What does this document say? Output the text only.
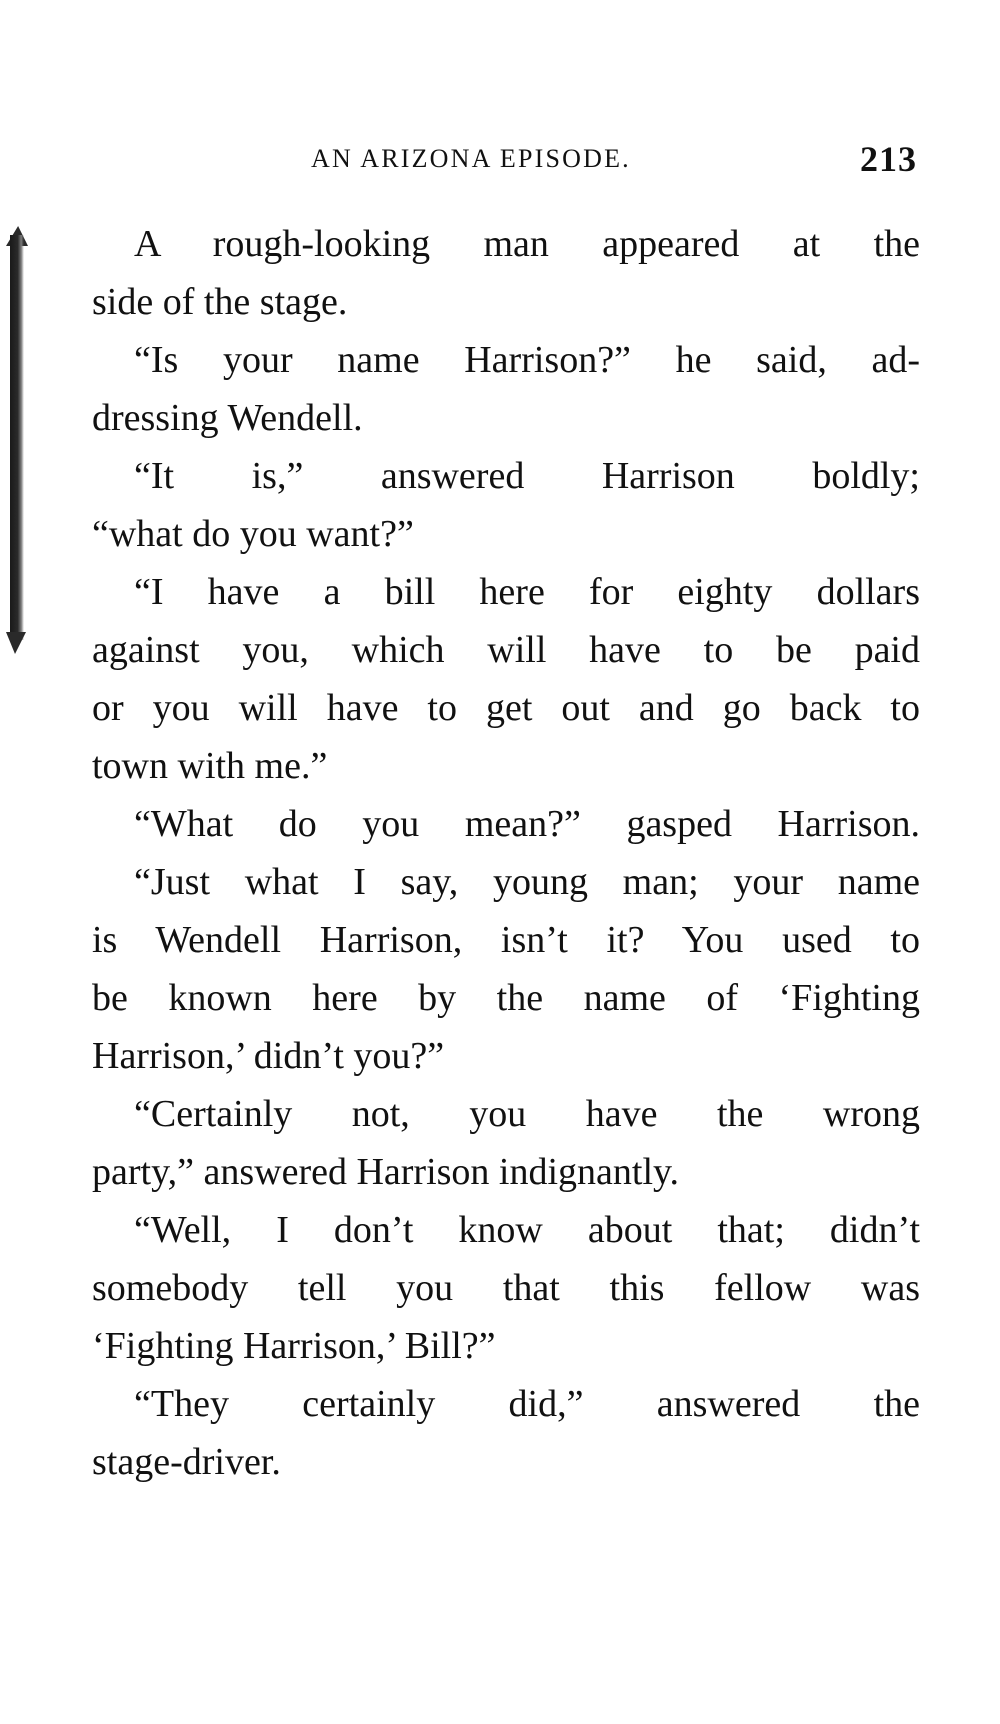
AN ARIZONA EPISODE.	213
A rough-looking man appeared at the
side of the stage.
“Is your name Harrison?” he said, ad-
dressing Wendell.
“It is,” answered Harrison boldly;
“what do you want?”
“I have a bill here for eighty dollars
against you, which will have to be paid
or you will have to get out and go back to
town with me.”
“What do you mean?” gasped Harrison.
“Just what I say, young man; your name
is Wendell Harrison, isn’t it? You used to
be known here by the name of ‘Fighting
Harrison,’ didn’t you?”
“Certainly not, you have the wrong
party,” answered Harrison indignantly.
“Well, I don’t know about that; didn’t
somebody tell you that this fellow was
‘Fighting Harrison,’ Bill?”
“They certainly did,” answered the
stage-driver.
